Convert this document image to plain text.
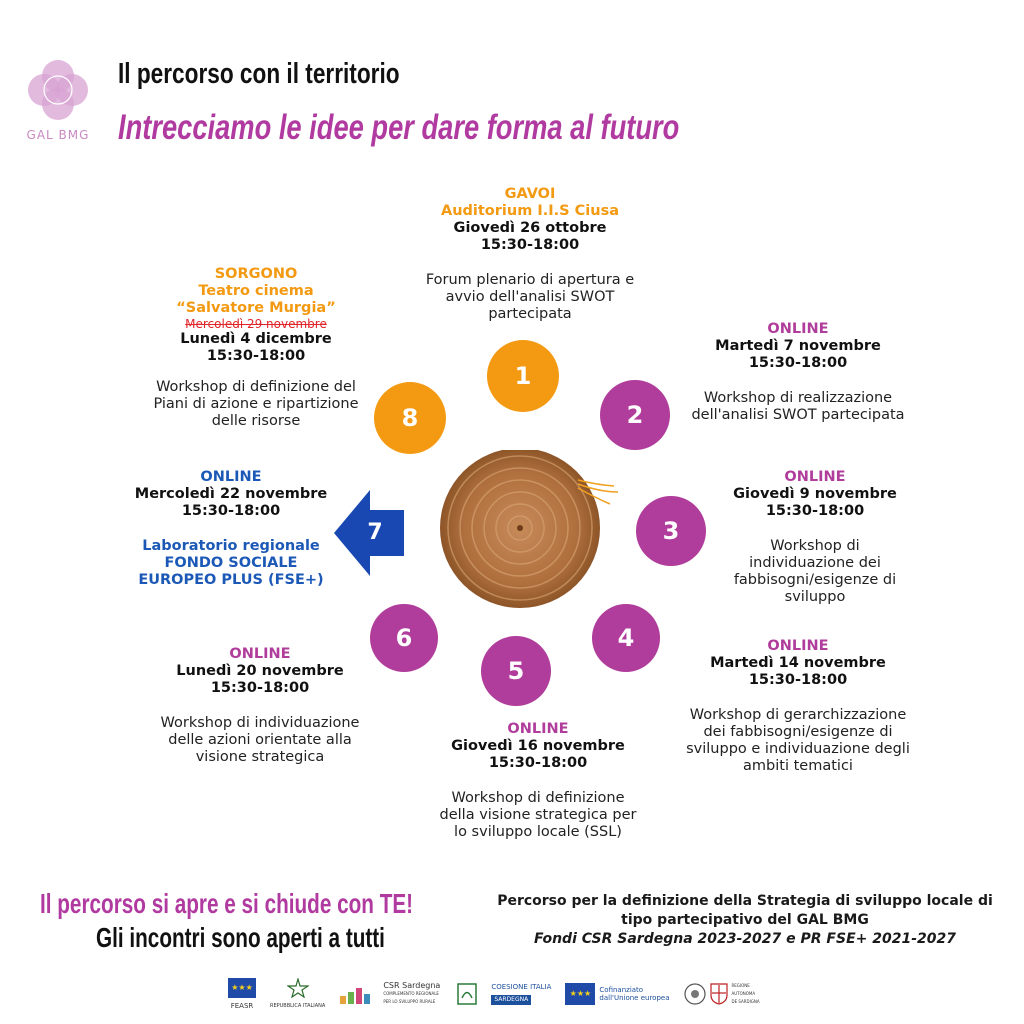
GAL BMG
Il percorso con il territorio
Intrecciamo le idee per dare forma al futuro
1
2
3
4
5
6
8
7
GAVOI
Auditorium I.I.S Ciusa
Giovedì 26 ottobre
15:30-18:00
Forum plenario di apertura e
avvio dell'analisi SWOT
partecipata
ONLINE
Martedì 7 novembre
15:30-18:00
Workshop di realizzazione
dell'analisi SWOT partecipata
ONLINE
Giovedì 9 novembre
15:30-18:00
Workshop di
individuazione dei
fabbisogni/esigenze di
sviluppo
ONLINE
Martedì 14 novembre
15:30-18:00
Workshop di gerarchizzazione
dei fabbisogni/esigenze di
sviluppo e individuazione degli
ambiti tematici
ONLINE
Giovedì 16 novembre
15:30-18:00
Workshop di definizione
della visione strategica per
lo sviluppo locale (SSL)
ONLINE
Lunedì 20 novembre
15:30-18:00
Workshop di individuazione
delle azioni orientate alla
visione strategica
ONLINE
Mercoledì 22 novembre
15:30-18:00
Laboratorio regionale
FONDO SOCIALE
EUROPEO PLUS (FSE+)
SORGONO
Teatro cinema
“Salvatore Murgia”
Mercoledì 29 novembre
Lunedì 4 dicembre
15:30-18:00
Workshop di definizione del
Piani di azione e ripartizione
delle risorse
Il percorso si apre e si chiude con TE!
Gli incontri sono aperti a tutti
Percorso per la definizione della Strategia di sviluppo locale di
tipo partecipativo del GAL BMG
Fondi CSR Sardegna 2023-2027 e PR FSE+ 2021-2027
★★★
FEASR	REPUBBLICA ITALIANA
CSR Sardegna
COMPLEMENTO REGIONALE PER LO SVILUPPO RURALE
COESIONE ITALIA
SARDEGNA
★★★	Cofinanziato
dall'Unione europea
REGIONE AUTONOMA DE SARDIGNA
